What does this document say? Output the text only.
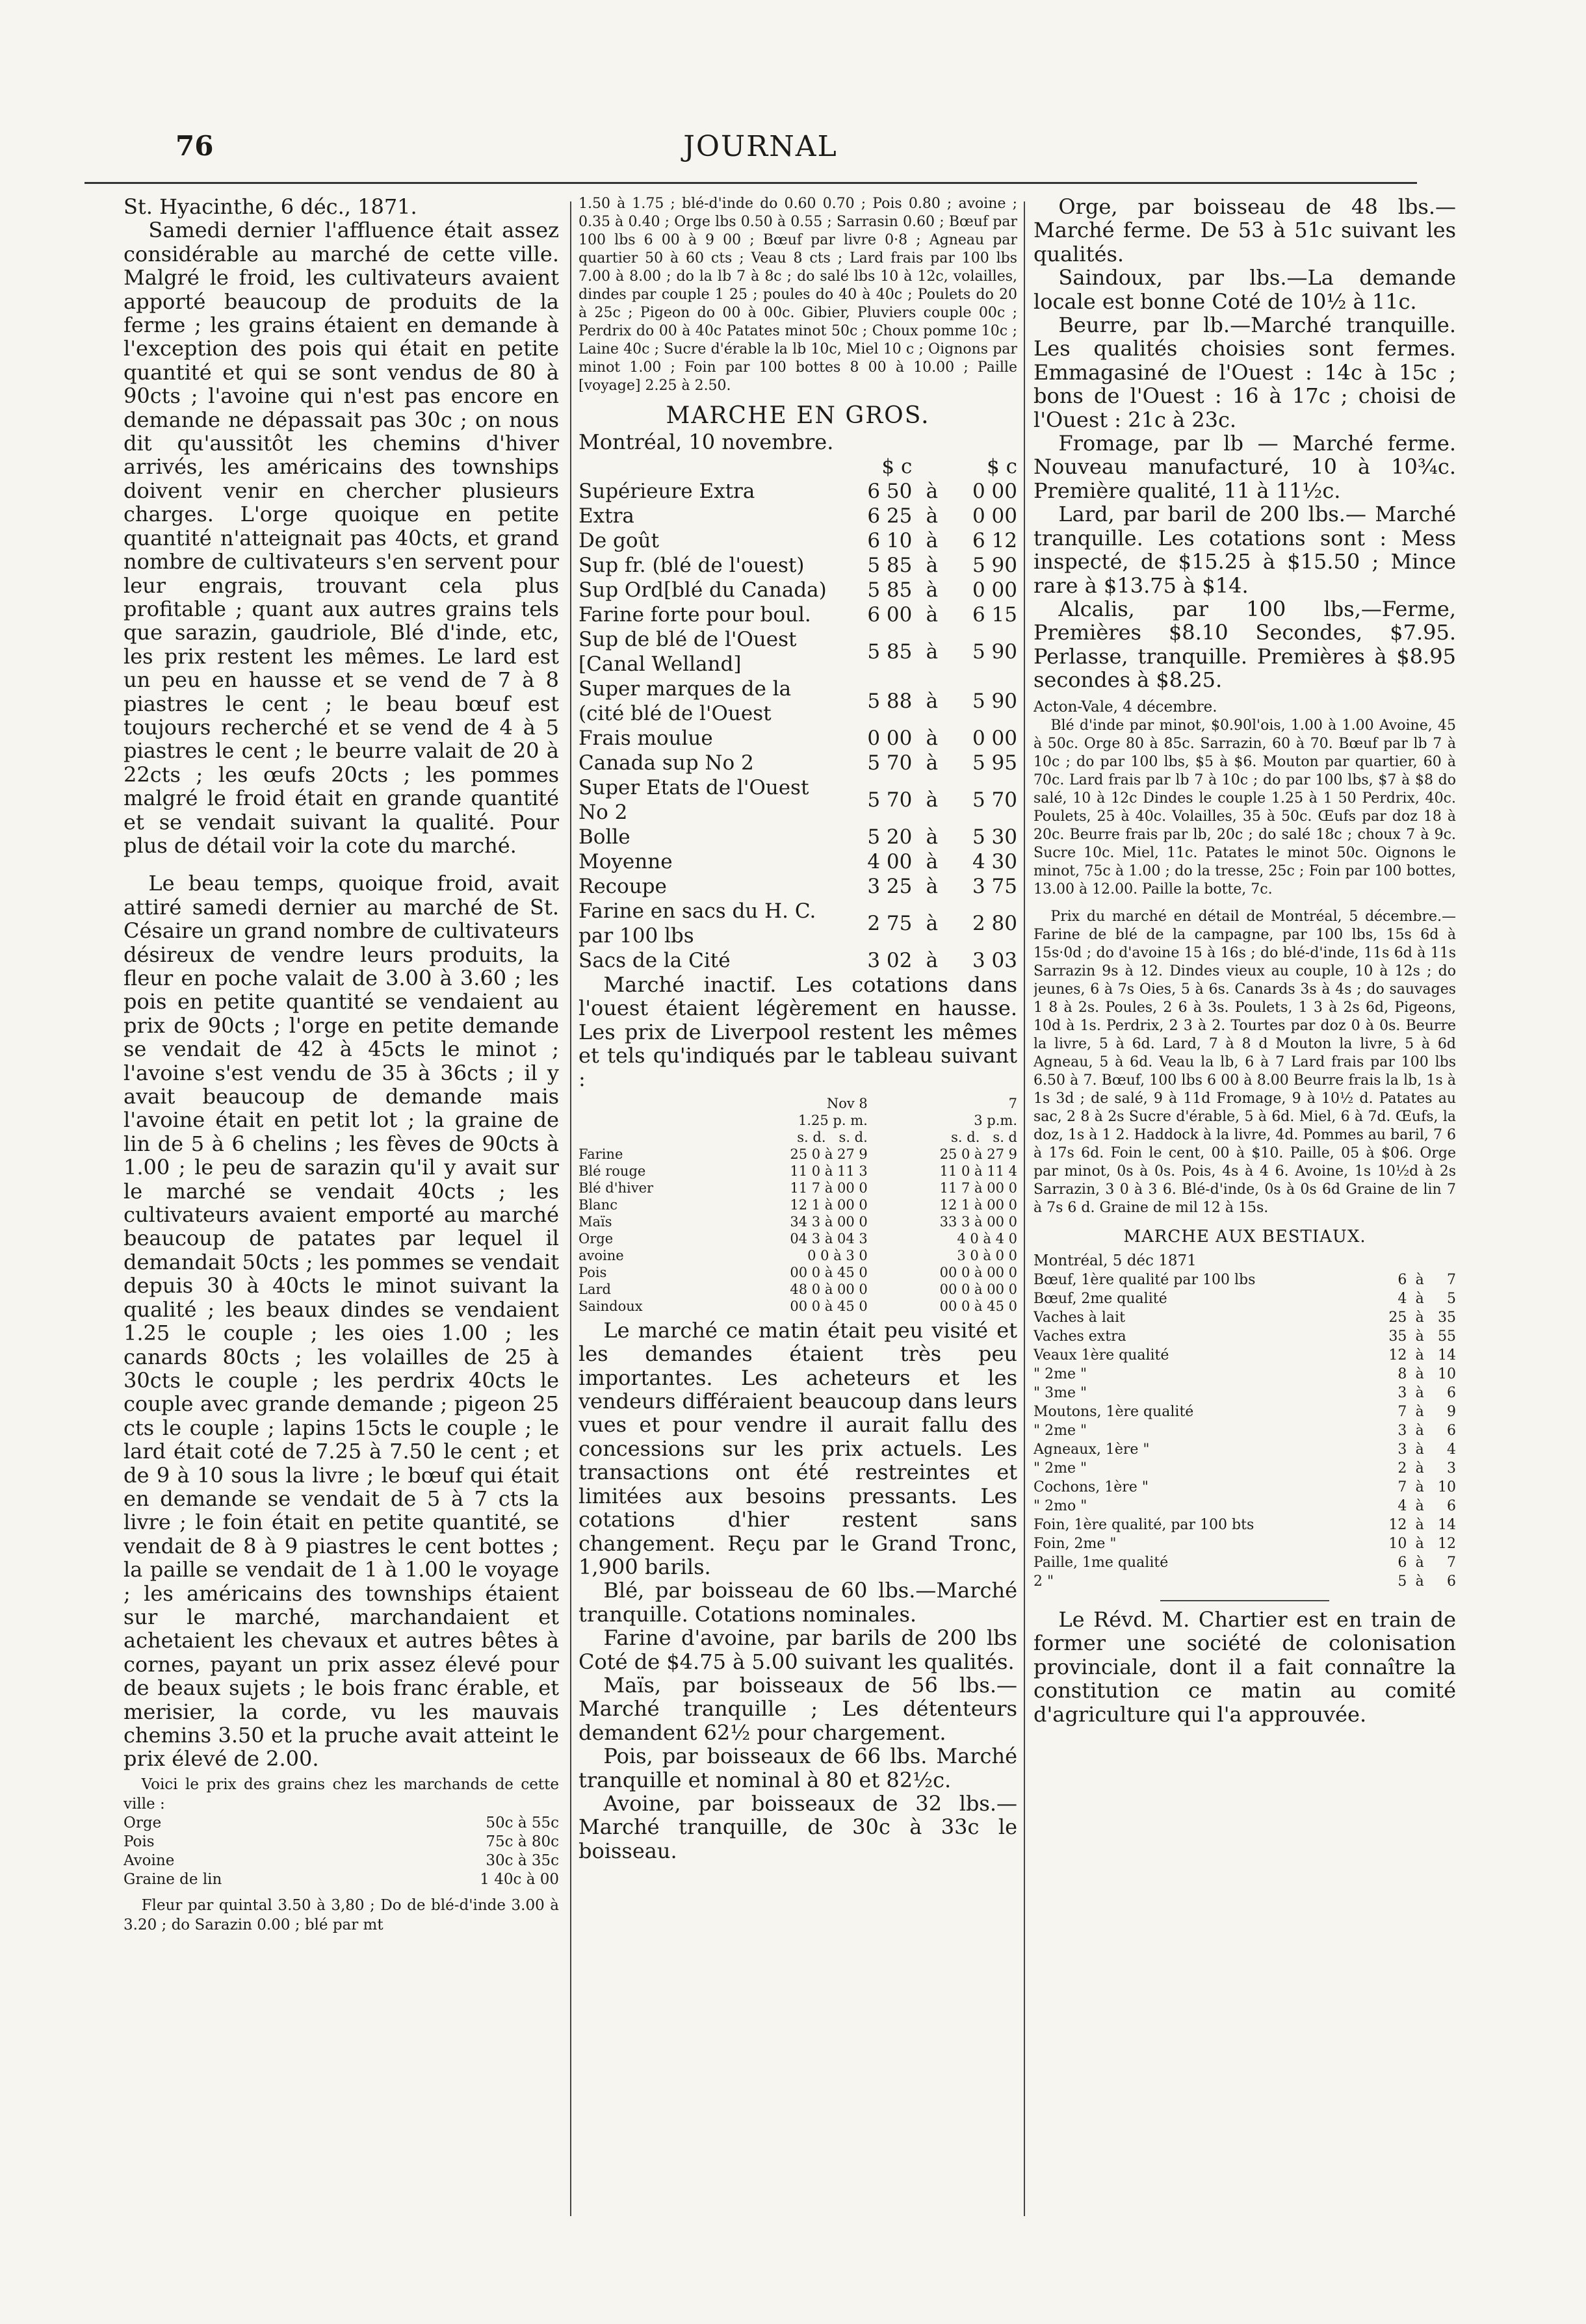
76	JOURNAL

St. Hyacinthe, 6 déc., 1871.

Samedi dernier l'affluence était assez considérable au marché de cette ville. Malgré le froid, les cultivateurs avaient apporté beaucoup de produits de la ferme ; les grains étaient en demande à l'exception des pois qui était en petite quantité et qui se sont vendus de 80 à 90cts ; l'avoine qui n'est pas encore en demande ne dépassait pas 30c ; on nous dit qu'aussitôt les chemins d'hiver arrivés, les américains des townships doivent venir en chercher plusieurs charges. L'orge quoique en petite quantité n'atteignait pas 40cts, et grand nombre de cultivateurs s'en servent pour leur engrais, trouvant cela plus profitable ; quant aux autres grains tels que sarazin, gaudriole, Blé d'inde, etc, les prix restent les mêmes. Le lard est un peu en hausse et se vend de 7 à 8 piastres le cent ; le beau bœuf est toujours recherché et se vend de 4 à 5 piastres le cent ; le beurre valait de 20 à 22cts ; les œufs 20cts ; les pommes malgré le froid était en grande quantité et se vendait suivant la qualité. Pour plus de détail voir la cote du marché.

Le beau temps, quoique froid, avait attiré samedi dernier au marché de St. Césaire un grand nombre de cultivateurs désireux de vendre leurs produits, la fleur en poche valait de 3.00 à 3.60 ; les pois en petite quantité se vendaient au prix de 90cts ; l'orge en petite demande se vendait de 42 à 45cts le minot ; l'avoine s'est vendu de 35 à 36cts ; il y avait beaucoup de demande mais l'avoine était en petit lot ; la graine de lin de 5 à 6 chelins ; les fèves de 90cts à 1.00 ; le peu de sarazin qu'il y avait sur le marché se vendait 40cts ; les cultivateurs avaient emporté au marché beaucoup de patates par lequel il demandait 50cts ; les pommes se vendait depuis 30 à 40cts le minot suivant la qualité ; les beaux dindes se vendaient 1.25 le couple ; les oies 1.00 ; les canards 80cts ; les volailles de 25 à 30cts le couple ; les perdrix 40cts le couple avec grande demande ; pigeon 25 cts le couple ; lapins 15cts le couple ; le lard était coté de 7.25 à 7.50 le cent ; et de 9 à 10 sous la livre ; le bœuf qui était en demande se vendait de 5 à 7 cts la livre ; le foin était en petite quantité, se vendait de 8 à 9 piastres le cent bottes ; la paille se vendait de 1 à 1.00 le voyage ; les américains des townships étaient sur le marché, marchandaient et achetaient les chevaux et autres bêtes à cornes, payant un prix assez élevé pour de beaux sujets ; le bois franc érable, et merisier, la corde, vu les mauvais chemins 3.50 et la pruche avait atteint le prix élevé de 2.00.

Voici le prix des grains chez les marchands de cette ville :

Orge	50c à 55c
Pois	75c à 80c
Avoine	30c à 35c
Graine de lin	1 40c à 00

Fleur par quintal 3.50 à 3,80 ; Do de blé-d'inde 3.00 à 3.20 ; do Sarazin 0.00 ; blé par mt

1.50 à 1.75 ; blé-d'inde do 0.60 0.70 ; Pois 0.80 ; avoine ; 0.35 à 0.40 ; Orge lbs 0.50 à 0.55 ; Sarrasin 0.60 ; Bœuf par 100 lbs 6 00 à 9 00 ; Bœuf par livre 0·8 ; Agneau par quartier 50 à 60 cts ; Veau 8 cts ; Lard frais par 100 lbs 7.00 à 8.00 ; do la lb 7 à 8c ; do salé lbs 10 à 12c, volailles, dindes par couple 1 25 ; poules do 40 à 40c ; Poulets do 20 à 25c ; Pigeon do 00 à 00c. Gibier, Pluviers couple 00c ; Perdrix do 00 à 40c Patates minot 50c ; Choux pomme 10c ; Laine 40c ; Sucre d'érable la lb 10c, Miel 10 c ; Oignons par minot 1.00 ; Foin par 100 bottes 8 00 à 10.00 ; Paille [voyage] 2.25 à 2.50.

MARCHE EN GROS.

Montréal, 10 novembre.

	$ c		$ c
Supérieure Extra	6 50	à	0 00
Extra	6 25	à	0 00
De goût	6 10	à	6 12
Sup fr. (blé de l'ouest)	5 85	à	5 90
Sup Ord[blé du Canada)	5 85	à	0 00
Farine forte pour boul.	6 00	à	6 15
Sup de blé de l'Ouest [Canal Welland]	5 85	à	5 90
Super marques de la (cité blé de l'Ouest	5 88	à	5 90
Frais moulue	0 00	à	0 00
Canada sup No 2	5 70	à	5 95
Super Etats de l'Ouest No 2	5 70	à	5 70
Bolle	5 20	à	5 30
Moyenne	4 00	à	4 30
Recoupe	3 25	à	3 75
Farine en sacs du H. C. par 100 lbs	2 75	à	2 80
Sacs de la Cité	3 02	à	3 03

Marché inactif. Les cotations dans l'ouest étaient légèrement en hausse. Les prix de Liverpool restent les mêmes et tels qu'indiqués par le tableau suivant :

	Nov 8	7
	1.25 p. m.	3 p.m.
	s. d. s. d.	s. d. s. d
Farine	25 0 à 27 9	25 0 à 27 9
Blé rouge	11 0 à 11 3	11 0 à 11 4
Blé d'hiver	11 7 à 00 0	11 7 à 00 0
Blanc	12 1 à 00 0	12 1 à 00 0
Maïs	34 3 à 00 0	33 3 à 00 0
Orge	04 3 à 04 3	4 0 à 4 0
avoine	0 0 à 3 0	3 0 à 0 0
Pois	00 0 à 45 0	00 0 à 00 0
Lard	48 0 à 00 0	00 0 à 00 0
Saindoux	00 0 à 45 0	00 0 à 45 0

Le marché ce matin était peu visité et les demandes étaient très peu importantes. Les acheteurs et les vendeurs différaient beaucoup dans leurs vues et pour vendre il aurait fallu des concessions sur les prix actuels. Les transactions ont été restreintes et limitées aux besoins pressants. Les cotations d'hier restent sans changement. Reçu par le Grand Tronc, 1,900 barils.

Blé, par boisseau de 60 lbs.—Marché tranquille. Cotations nominales.

Farine d'avoine, par barils de 200 lbs Coté de $4.75 à 5.00 suivant les qualités.

Maïs, par boisseaux de 56 lbs.—Marché tranquille ; Les détenteurs demandent 62½ pour chargement.

Pois, par boisseaux de 66 lbs. Marché tranquille et nominal à 80 et 82½c.

Avoine, par boisseaux de 32 lbs.—Marché tranquille, de 30c à 33c le boisseau.

Orge, par boisseau de 48 lbs.—Marché ferme. De 53 à 51c suivant les qualités.

Saindoux, par lbs.—La demande locale est bonne Coté de 10½ à 11c.

Beurre, par lb.—Marché tranquille. Les qualités choisies sont fermes. Emmagasiné de l'Ouest : 14c à 15c ; bons de l'Ouest : 16 à 17c ; choisi de l'Ouest : 21c à 23c.

Fromage, par lb — Marché ferme. Nouveau manufacturé, 10 à 10¾c. Première qualité, 11 à 11½c.

Lard, par baril de 200 lbs.— Marché tranquille. Les cotations sont : Mess inspecté, de $15.25 à $15.50 ; Mince rare à $13.75 à $14.

Alcalis, par 100 lbs,—Ferme, Premières $8.10 Secondes, $7.95. Perlasse, tranquille. Premières à $8.95 secondes à $8.25.

Acton-Vale, 4 décembre.

Blé d'inde par minot, $0.90l'ois, 1.00 à 1.00 Avoine, 45 à 50c. Orge 80 à 85c. Sarrazin, 60 à 70. Bœuf par lb 7 à 10c ; do par 100 lbs, $5 à $6. Mouton par quartier, 60 à 70c. Lard frais par lb 7 à 10c ; do par 100 lbs, $7 à $8 do salé, 10 à 12c Dindes le couple 1.25 à 1 50 Perdrix, 40c. Poulets, 25 à 40c. Volailles, 35 à 50c. Œufs par doz 18 à 20c. Beurre frais par lb, 20c ; do salé 18c ; choux 7 à 9c. Sucre 10c. Miel, 11c. Patates le minot 50c. Oignons le minot, 75c à 1.00 ; do la tresse, 25c ; Foin par 100 bottes, 13.00 à 12.00. Paille la botte, 7c.

Prix du marché en détail de Montréal, 5 décembre.—Farine de blé de la campagne, par 100 lbs, 15s 6d à 15s·0d ; do d'avoine 15 à 16s ; do blé-d'inde, 11s 6d à 11s Sarrazin 9s à 12. Dindes vieux au couple, 10 à 12s ; do jeunes, 6 à 7s Oies, 5 à 6s. Canards 3s à 4s ; do sauvages 1 8 à 2s. Poules, 2 6 à 3s. Poulets, 1 3 à 2s 6d, Pigeons, 10d à 1s. Perdrix, 2 3 à 2. Tourtes par doz 0 à 0s. Beurre la livre, 5 à 6d. Lard, 7 à 8 d Mouton la livre, 5 à 6d Agneau, 5 à 6d. Veau la lb, 6 à 7 Lard frais par 100 lbs 6.50 à 7. Bœuf, 100 lbs 6 00 à 8.00 Beurre frais la lb, 1s à 1s 3d ; de salé, 9 à 11d Fromage, 9 à 10½ d. Patates au sac, 2 8 à 2s Sucre d'érable, 5 à 6d. Miel, 6 à 7d. Œufs, la doz, 1s à 1 2. Haddock à la livre, 4d. Pommes au baril, 7 6 à 17s 6d. Foin le cent, 00 à $10. Paille, 05 à $06. Orge par minot, 0s à 0s. Pois, 4s à 4 6. Avoine, 1s 10½d à 2s Sarrazin, 3 0 à 3 6. Blé-d'inde, 0s à 0s 6d Graine de lin 7 à 7s 6 d. Graine de mil 12 à 15s.

MARCHE AUX BESTIAUX.

Montréal, 5 déc 1871

Bœuf, 1ère qualité par 100 lbs	6	à	7
Bœuf, 2me qualité	4	à	5
Vaches à lait	25	à	35
Vaches extra	35	à	55
Veaux 1ère qualité	12	à	14
" 2me "	8	à	10
" 3me "	3	à	6
Moutons, 1ère qualité	7	à	9
" 2me "	3	à	6
Agneaux, 1ère "	3	à	4
" 2me "	2	à	3
Cochons, 1ère "	7	à	10
" 2mo "	4	à	6
Foin, 1ère qualité, par 100 bts	12	à	14
Foin, 2me "	10	à	12
Paille, 1me qualité	6	à	7
2 "	5	à	6

Le Révd. M. Chartier est en train de former une société de colonisation provinciale, dont il a fait connaître la constitution ce matin au comité d'agriculture qui l'a approuvée.
